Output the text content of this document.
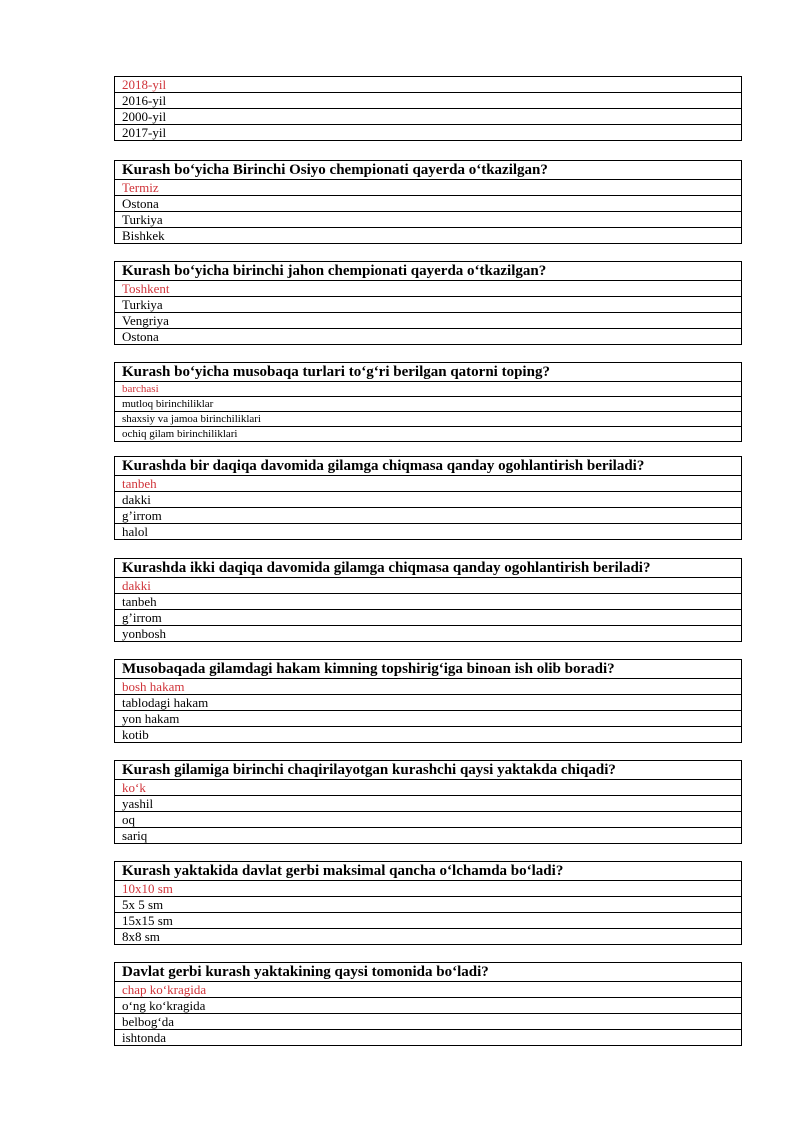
2018-yil
2016-yil
2000-yil
2017-yil
Kurash bo‘yicha Birinchi Osiyo chempionati qayerda o‘tkazilgan?
Termiz
Ostona
Turkiya
Bishkek
Kurash bo‘yicha birinchi jahon chempionati qayerda o‘tkazilgan?
Toshkent
Turkiya
Vengriya
Ostona
Kurash bo‘yicha musobaqa turlari to‘g‘ri berilgan qatorni toping?
barchasi
mutloq birinchiliklar
shaxsiy va jamoa birinchiliklari
ochiq gilam birinchiliklari
Kurashda bir daqiqa davomida gilamga chiqmasa qanday ogohlantirish beriladi?
tanbeh
dakki
g’irrom
halol
Kurashda ikki daqiqa davomida gilamga chiqmasa qanday ogohlantirish beriladi?
dakki
tanbeh
g’irrom
yonbosh
Musobaqada gilamdagi hakam kimning topshirig‘iga binoan ish olib boradi?
bosh hakam
tablodagi hakam
yon hakam
kotib
Kurash gilamiga birinchi chaqirilayotgan kurashchi qaysi yaktakda chiqadi?
ko‘k
yashil
oq
sariq
Kurash yaktakida davlat gerbi maksimal qancha o‘lchamda bo‘ladi?
10x10 sm
5x 5 sm
15x15 sm
8x8 sm
Davlat gerbi kurash yaktakining qaysi tomonida bo‘ladi?
chap ko‘kragida
o‘ng ko‘kragida
belbog‘da
ishtonda
